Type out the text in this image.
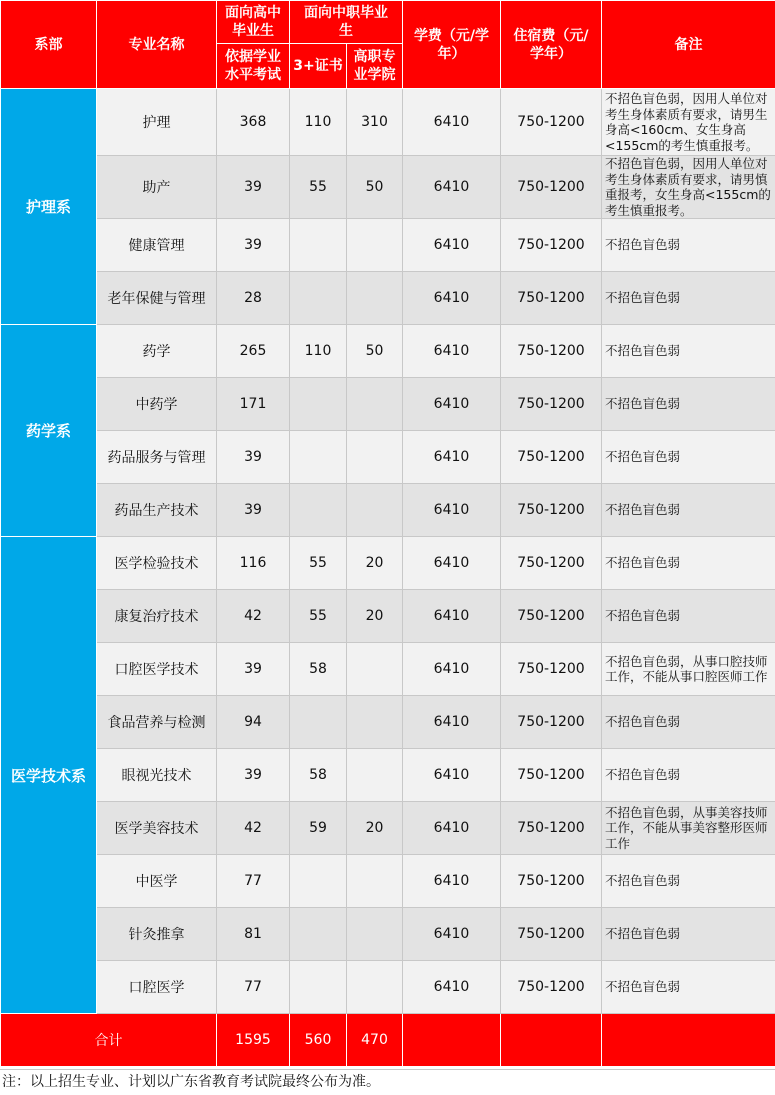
系部	专业名称	面向高中毕业生	面向中职毕业生		学费（元/学年）	住宿费（元/学年）	备注
		依据学业水平考试	3+证书	高职专业学院			
护理系	护理	368	110	310	6410	750-1200	不招色盲色弱，因用人单位对考生身体素质有要求，请男生身高<160cm、女生身高<155cm的考生慎重报考。
	助产	39	55	50	6410	750-1200	不招色盲色弱，因用人单位对考生身体素质有要求，请男慎重报考，女生身高<155cm的考生慎重报考。
	健康管理	39			6410	750-1200	不招色盲色弱
	老年保健与管理	28			6410	750-1200	不招色盲色弱
药学系	药学	265	110	50	6410	750-1200	不招色盲色弱
	中药学	171			6410	750-1200	不招色盲色弱
	药品服务与管理	39			6410	750-1200	不招色盲色弱
	药品生产技术	39			6410	750-1200	不招色盲色弱
医学技术系	医学检验技术	116	55	20	6410	750-1200	不招色盲色弱
	康复治疗技术	42	55	20	6410	750-1200	不招色盲色弱
	口腔医学技术	39	58		6410	750-1200	不招色盲色弱，从事口腔技师工作，不能从事口腔医师工作
	食品营养与检测	94			6410	750-1200	不招色盲色弱
	眼视光技术	39	58		6410	750-1200	不招色盲色弱
	医学美容技术	42	59	20	6410	750-1200	不招色盲色弱，从事美容技师工作，不能从事美容整形医师工作
	中医学	77			6410	750-1200	不招色盲色弱
	针灸推拿	81			6410	750-1200	不招色盲色弱
	口腔医学	77			6410	750-1200	不招色盲色弱
合计		1595	560	470			
注：以上招生专业、计划以广东省教育考试院最终公布为准。
